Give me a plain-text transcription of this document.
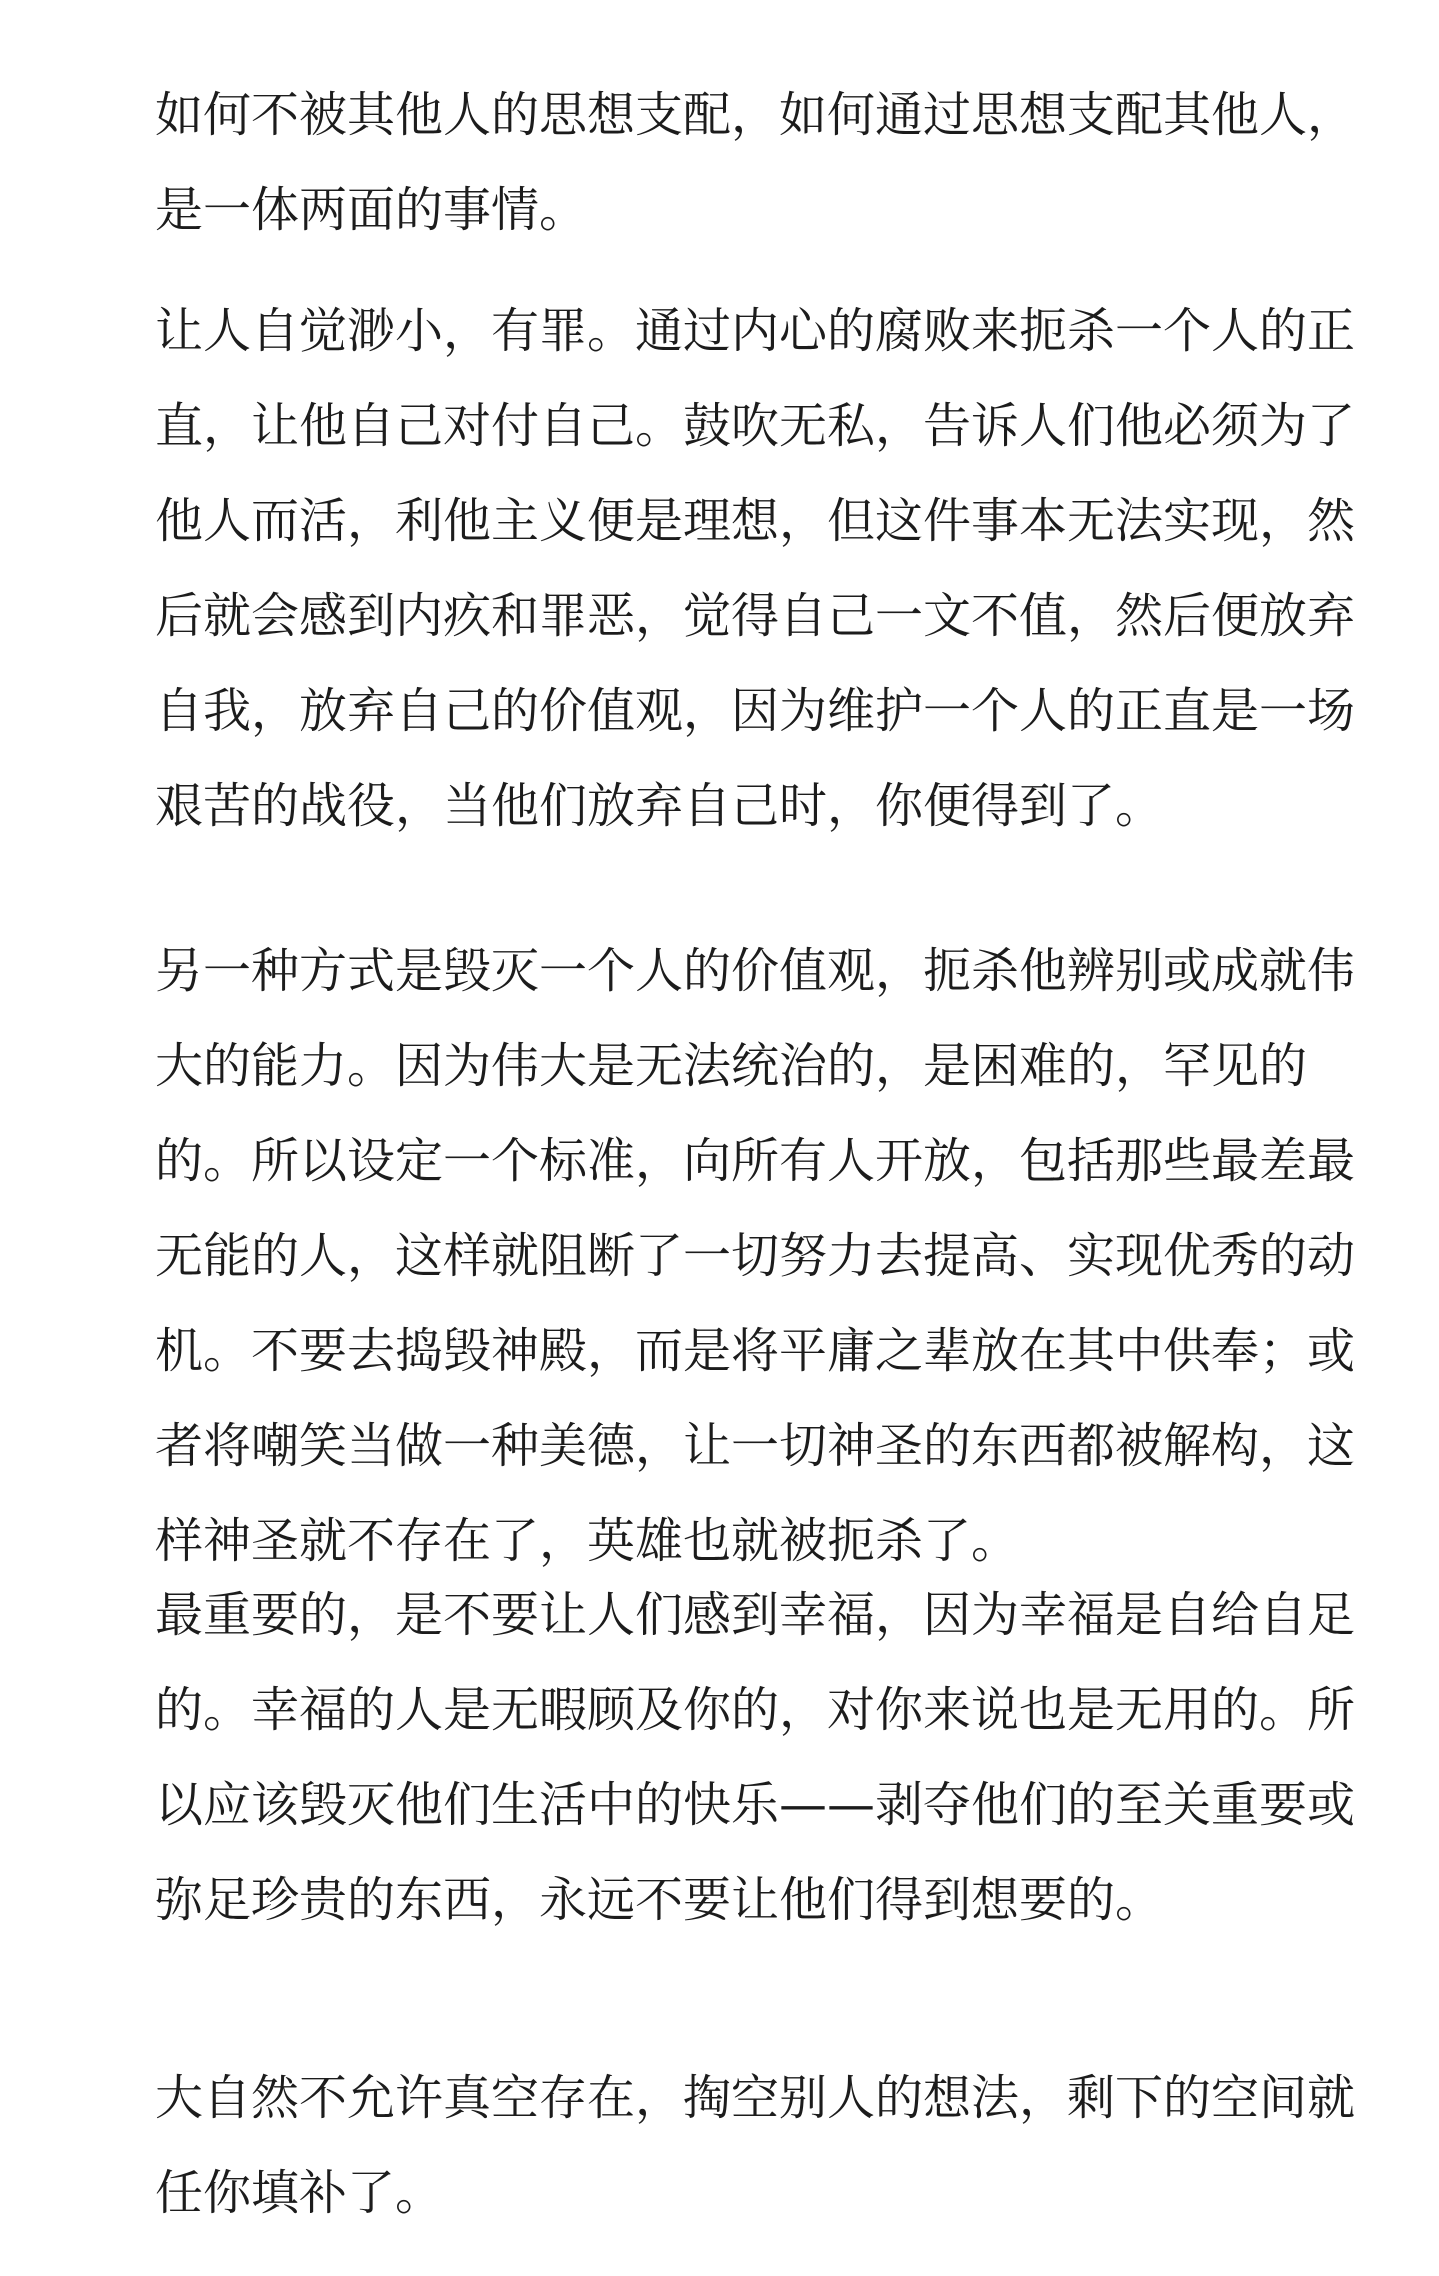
如何不被其他人的思想支配，如何通过思想支配其他人，是一体两面的事情。

让人自觉渺小，有罪。通过内心的腐败来扼杀一个人的正直，让他自己对付自己。鼓吹无私，告诉人们他必须为了他人而活，利他主义便是理想，但这件事本无法实现，然后就会感到内疚和罪恶，觉得自己一文不值，然后便放弃自我，放弃自己的价值观，因为维护一个人的正直是一场艰苦的战役，当他们放弃自己时，你便得到了。

另一种方式是毁灭一个人的价值观，扼杀他辨别或成就伟大的能力。因为伟大是无法统治的，是困难的，罕见的的。所以设定一个标准，向所有人开放，包括那些最差最无能的人，这样就阻断了一切努力去提高、实现优秀的动机。不要去捣毁神殿，而是将平庸之辈放在其中供奉；或者将嘲笑当做一种美德，让一切神圣的东西都被解构，这样神圣就不存在了，英雄也就被扼杀了。

最重要的，是不要让人们感到幸福，因为幸福是自给自足的。幸福的人是无暇顾及你的，对你来说也是无用的。所以应该毁灭他们生活中的快乐——剥夺他们的至关重要或弥足珍贵的东西，永远不要让他们得到想要的。

大自然不允许真空存在，掏空别人的想法，剩下的空间就任你填补了。
